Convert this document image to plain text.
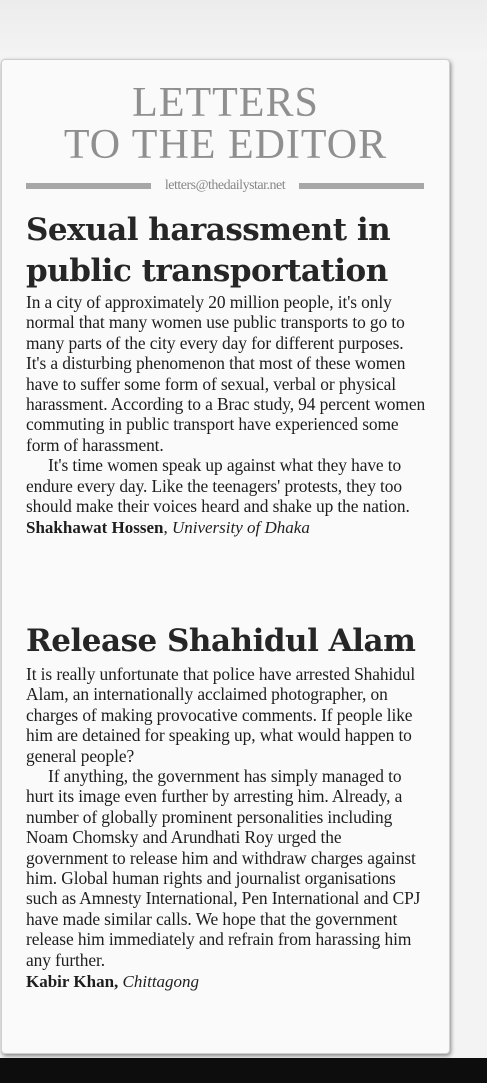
LETTERS
TO THE EDITOR
letters@thedailystar.net
Sexual harassment in
public transportation

In a city of approximately 20 million people, it's only normal that many women use public transports to go to many parts of the city every day for different purposes. It's a disturbing phenomenon that most of these women have to suffer some form of sexual, verbal or physical harassment. According to a Brac study, 94 percent women commuting in public transport have experienced some form of harassment.

It's time women speak up against what they have to endure every day. Like the teenagers' protests, they too should make their voices heard and shake up the nation.

Shakhawat Hossen, University of Dhaka
Release Shahidul Alam

It is really unfortunate that police have arrested Shahidul Alam, an internationally acclaimed photographer, on charges of making provocative comments. If people like him are detained for speaking up, what would happen to general people?

If anything, the government has simply managed to hurt its image even further by arresting him. Already, a number of globally prominent personalities including Noam Chomsky and Arundhati Roy urged the government to release him and withdraw charges against him. Global human rights and journalist organisations such as Amnesty International, Pen International and CPJ have made similar calls. We hope that the government release him immediately and refrain from harassing him any further.

Kabir Khan, Chittagong
